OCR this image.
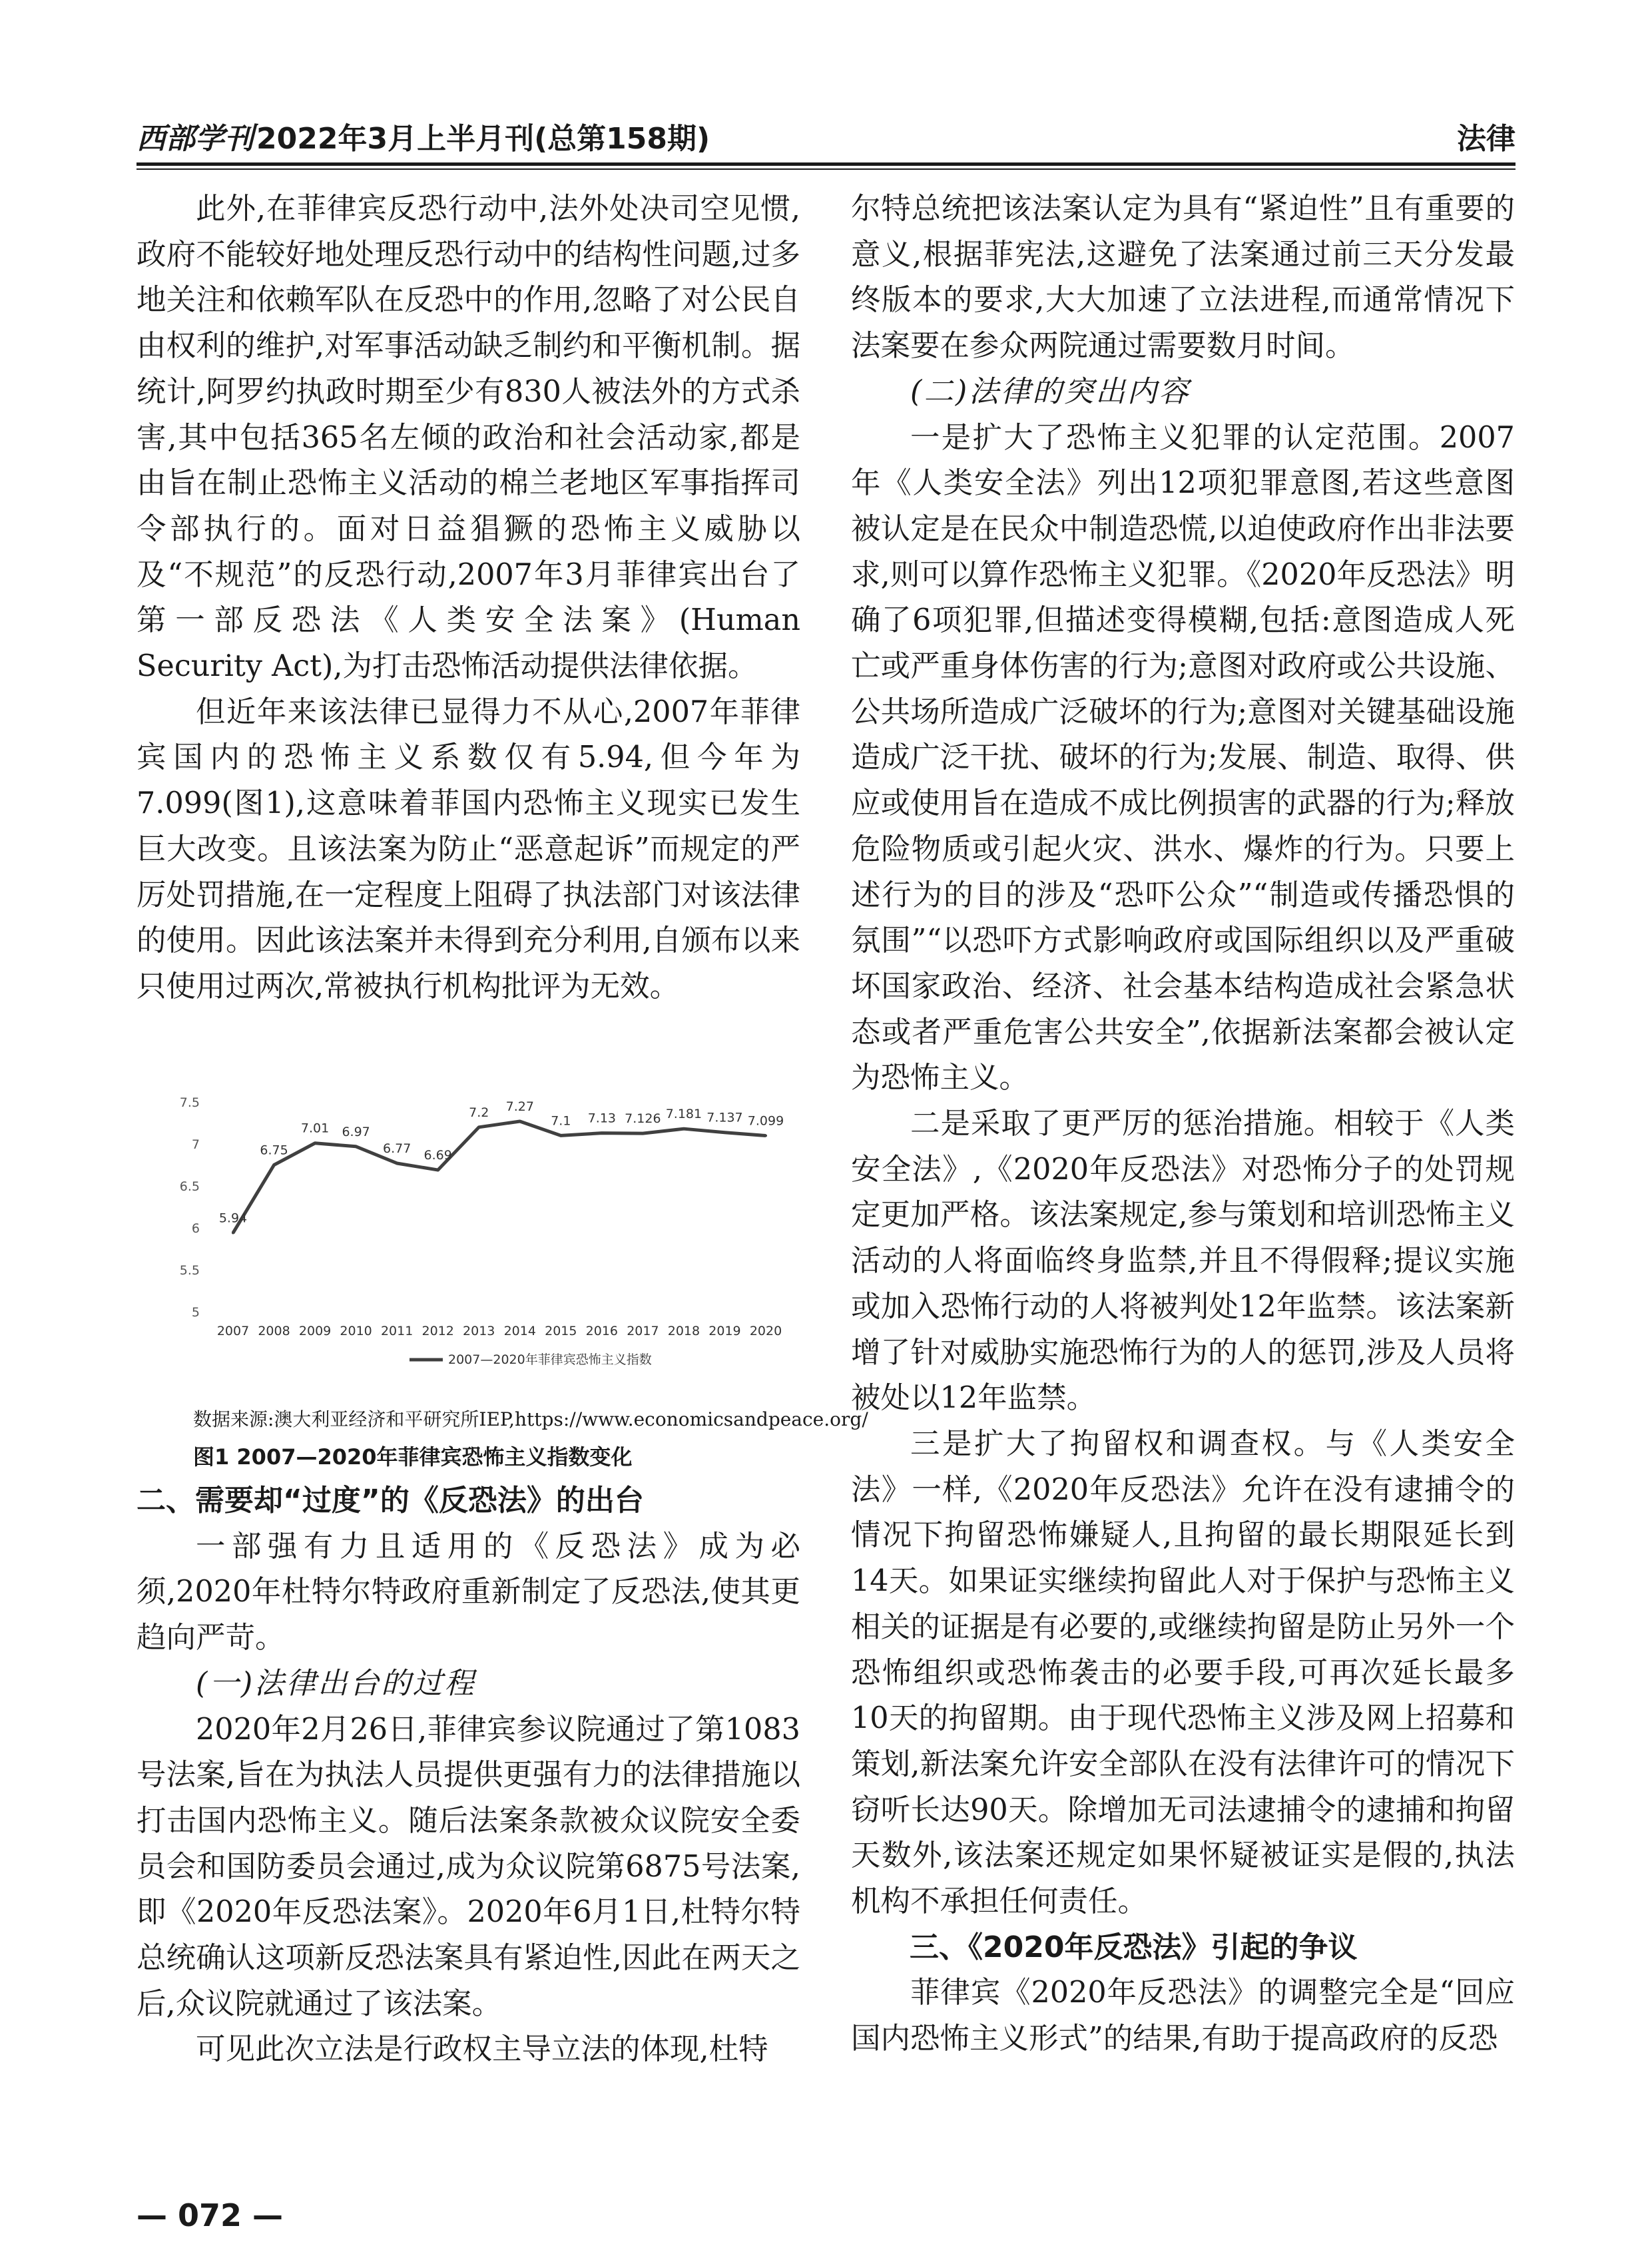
西部学刊2022年3月上半月刊(总第158期)	法律

此外,在菲律宾反恐行动中,法外处决司空见惯,政府不能较好地处理反恐行动中的结构性问题,过多地关注和依赖军队在反恐中的作用,忽略了对公民自由权利的维护,对军事活动缺乏制约和平衡机制。据统计,阿罗约执政时期至少有830人被法外的方式杀害,其中包括365名左倾的政治和社会活动家,都是由旨在制止恐怖主义活动的棉兰老地区军事指挥司令部执行的。面对日益猖獗的恐怖主义威胁以及“不规范”的反恐行动,2007年3月菲律宾出台了第一部反恐法《人类安全法案》(Human Security Act),为打击恐怖活动提供法律依据。

但近年来该法律已显得力不从心,2007年菲律宾国内的恐怖主义系数仅有5.94,但今年为7.099(图1),这意味着菲国内恐怖主义现实已发生巨大改变。且该法案为防止“恶意起诉”而规定的严厉处罚措施,在一定程度上阻碍了执法部门对该法律的使用。因此该法案并未得到充分利用,自颁布以来只使用过两次,常被执行机构批评为无效。

5
5.5
6
6.5
7
7.5
2007 2008 2009 2010 2011 2012 2013 2014 2015 2016 2017 2018 2019 2020
5.94
6.75
7.01 6.97
6.77 6.69
7.2 7.27
7.1 7.13 7.126 7.181 7.137 7.099
2007—2020年菲律宾恐怖主义指数
数据来源:澳大利亚经济和平研究所IEP,https://www.economicsandpeace.org/
图1 2007—2020年菲律宾恐怖主义指数变化
二、需要却“过度”的《反恐法》的出台

一部强有力且适用的《反恐法》成为必须,2020年杜特尔特政府重新制定了反恐法,使其更趋向严苛。

(一)法律出台的过程

2020年2月26日,菲律宾参议院通过了第1083号法案,旨在为执法人员提供更强有力的法律措施以打击国内恐怖主义。随后法案条款被众议院安全委员会和国防委员会通过,成为众议院第6875号法案,即《2020年反恐法案》。2020年6月1日,杜特尔特总统确认这项新反恐法案具有紧迫性,因此在两天之后,众议院就通过了该法案。

可见此次立法是行政权主导立法的体现,杜特

尔特总统把该法案认定为具有“紧迫性”且有重要的意义,根据菲宪法,这避免了法案通过前三天分发最终版本的要求,大大加速了立法进程,而通常情况下法案要在参众两院通过需要数月时间。

(二)法律的突出内容

一是扩大了恐怖主义犯罪的认定范围。2007年《人类安全法》列出12项犯罪意图,若这些意图被认定是在民众中制造恐慌,以迫使政府作出非法要求,则可以算作恐怖主义犯罪。《2020年反恐法》明确了6项犯罪,但描述变得模糊,包括:意图造成人死亡或严重身体伤害的行为;意图对政府或公共设施、公共场所造成广泛破坏的行为;意图对关键基础设施造成广泛干扰、破坏的行为;发展、制造、取得、供应或使用旨在造成不成比例损害的武器的行为;释放危险物质或引起火灾、洪水、爆炸的行为。只要上述行为的目的涉及“恐吓公众”“制造或传播恐惧的氛围”“以恐吓方式影响政府或国际组织以及严重破坏国家政治、经济、社会基本结构造成社会紧急状态或者严重危害公共安全”,依据新法案都会被认定为恐怖主义。

二是采取了更严厉的惩治措施。相较于《人类安全法》,《2020年反恐法》对恐怖分子的处罚规定更加严格。该法案规定,参与策划和培训恐怖主义活动的人将面临终身监禁,并且不得假释;提议实施或加入恐怖行动的人将被判处12年监禁。该法案新增了针对威胁实施恐怖行为的人的惩罚,涉及人员将被处以12年监禁。

三是扩大了拘留权和调查权。与《人类安全法》一样,《2020年反恐法》允许在没有逮捕令的情况下拘留恐怖嫌疑人,且拘留的最长期限延长到14天。如果证实继续拘留此人对于保护与恐怖主义相关的证据是有必要的,或继续拘留是防止另外一个恐怖组织或恐怖袭击的必要手段,可再次延长最多10天的拘留期。由于现代恐怖主义涉及网上招募和策划,新法案允许安全部队在没有法律许可的情况下窃听长达90天。除增加无司法逮捕令的逮捕和拘留天数外,该法案还规定如果怀疑被证实是假的,执法机构不承担任何责任。

三、《2020年反恐法》引起的争议

菲律宾《2020年反恐法》的调整完全是“回应国内恐怖主义形式”的结果,有助于提高政府的反恐

— 072 —
